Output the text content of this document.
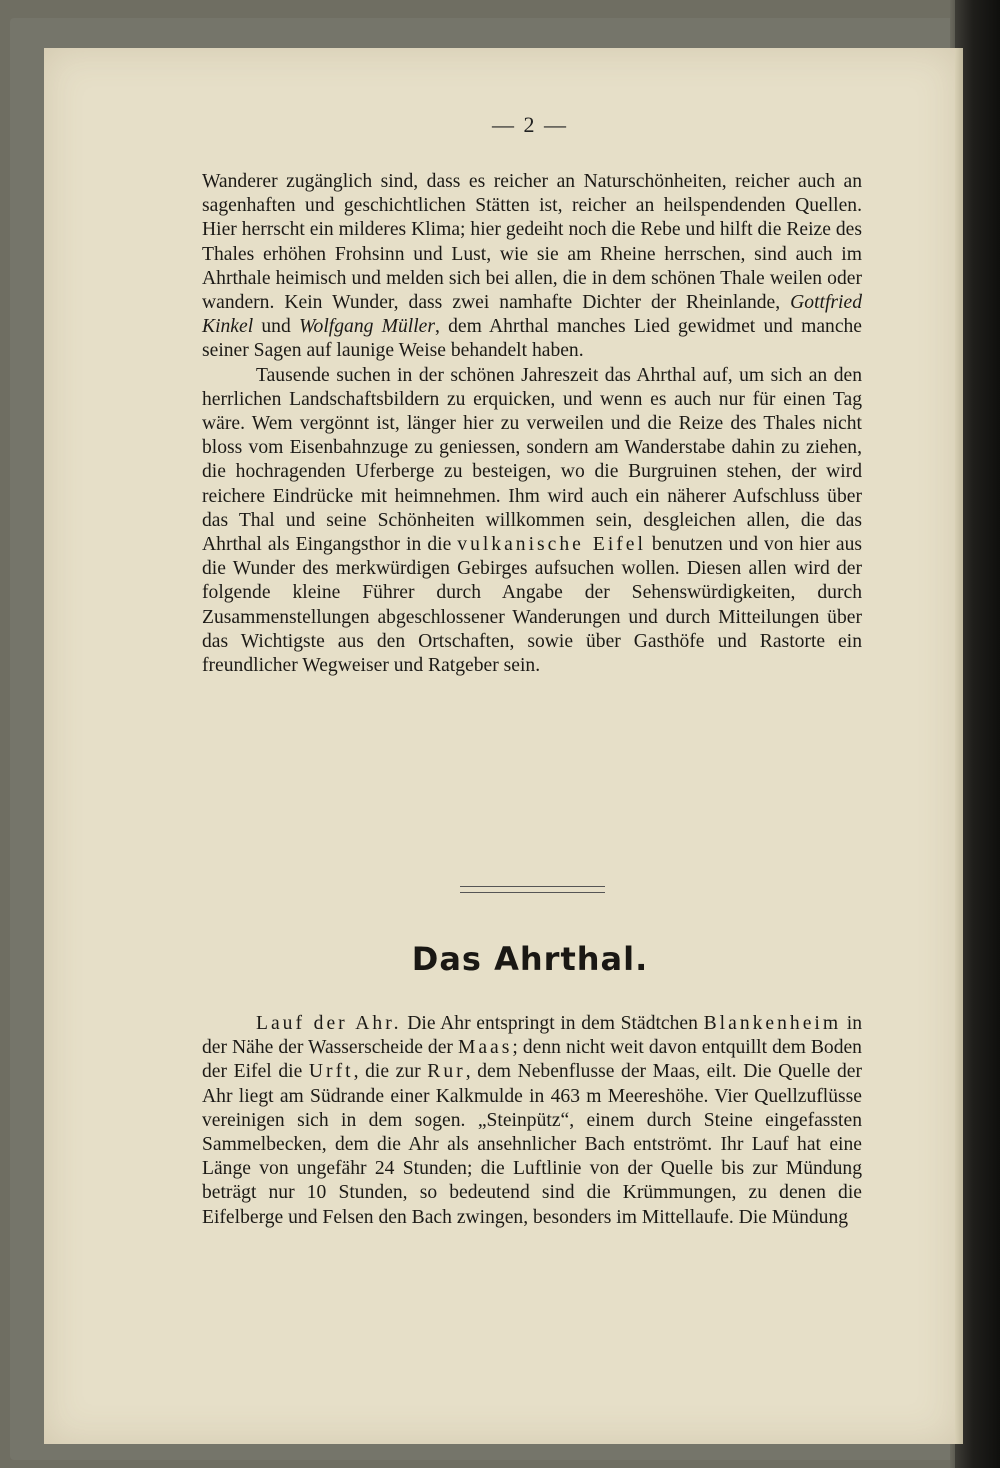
— 2 —

Wanderer zugänglich sind, dass es reicher an Naturschönheiten, reicher auch an sagenhaften und geschichtlichen Stätten ist, reicher an heilspendenden Quellen. Hier herrscht ein milderes Klima; hier gedeiht noch die Rebe und hilft die Reize des Thales erhöhen Frohsinn und Lust, wie sie am Rheine herrschen, sind auch im Ahrthale heimisch und melden sich bei allen, die in dem schönen Thale weilen oder wandern. Kein Wunder, dass zwei namhafte Dichter der Rheinlande, Gottfried Kinkel und Wolfgang Müller, dem Ahrthal manches Lied gewidmet und manche seiner Sagen auf launige Weise behandelt haben.

Tausende suchen in der schönen Jahreszeit das Ahrthal auf, um sich an den herrlichen Landschaftsbildern zu erquicken, und wenn es auch nur für einen Tag wäre. Wem vergönnt ist, länger hier zu verweilen und die Reize des Thales nicht bloss vom Eisenbahnzuge zu geniessen, sondern am Wanderstabe dahin zu ziehen, die hochragenden Uferberge zu besteigen, wo die Burgruinen stehen, der wird reichere Eindrücke mit heimnehmen. Ihm wird auch ein näherer Aufschluss über das Thal und seine Schönheiten willkommen sein, desgleichen allen, die das Ahrthal als Eingangsthor in die vulkanische Eifel benutzen und von hier aus die Wunder des merkwürdigen Gebirges aufsuchen wollen. Diesen allen wird der folgende kleine Führer durch Angabe der Sehenswürdigkeiten, durch Zusammenstellungen abgeschlossener Wanderungen und durch Mitteilungen über das Wichtigste aus den Ortschaften, sowie über Gasthöfe und Rastorte ein freundlicher Wegweiser und Ratgeber sein.

Das Ahrthal.

Lauf der Ahr. Die Ahr entspringt in dem Städtchen Blankenheim in der Nähe der Wasserscheide der Maas; denn nicht weit davon entquillt dem Boden der Eifel die Urft, die zur Rur, dem Nebenflusse der Maas, eilt. Die Quelle der Ahr liegt am Südrande einer Kalkmulde in 463 m Meereshöhe. Vier Quellzuflüsse vereinigen sich in dem sogen. „Steinpütz“, einem durch Steine eingefassten Sammelbecken, dem die Ahr als ansehnlicher Bach entströmt. Ihr Lauf hat eine Länge von ungefähr 24 Stunden; die Luftlinie von der Quelle bis zur Mündung beträgt nur 10 Stunden, so bedeutend sind die Krümmungen, zu denen die Eifelberge und Felsen den Bach zwingen, besonders im Mittellaufe. Die Mündung
